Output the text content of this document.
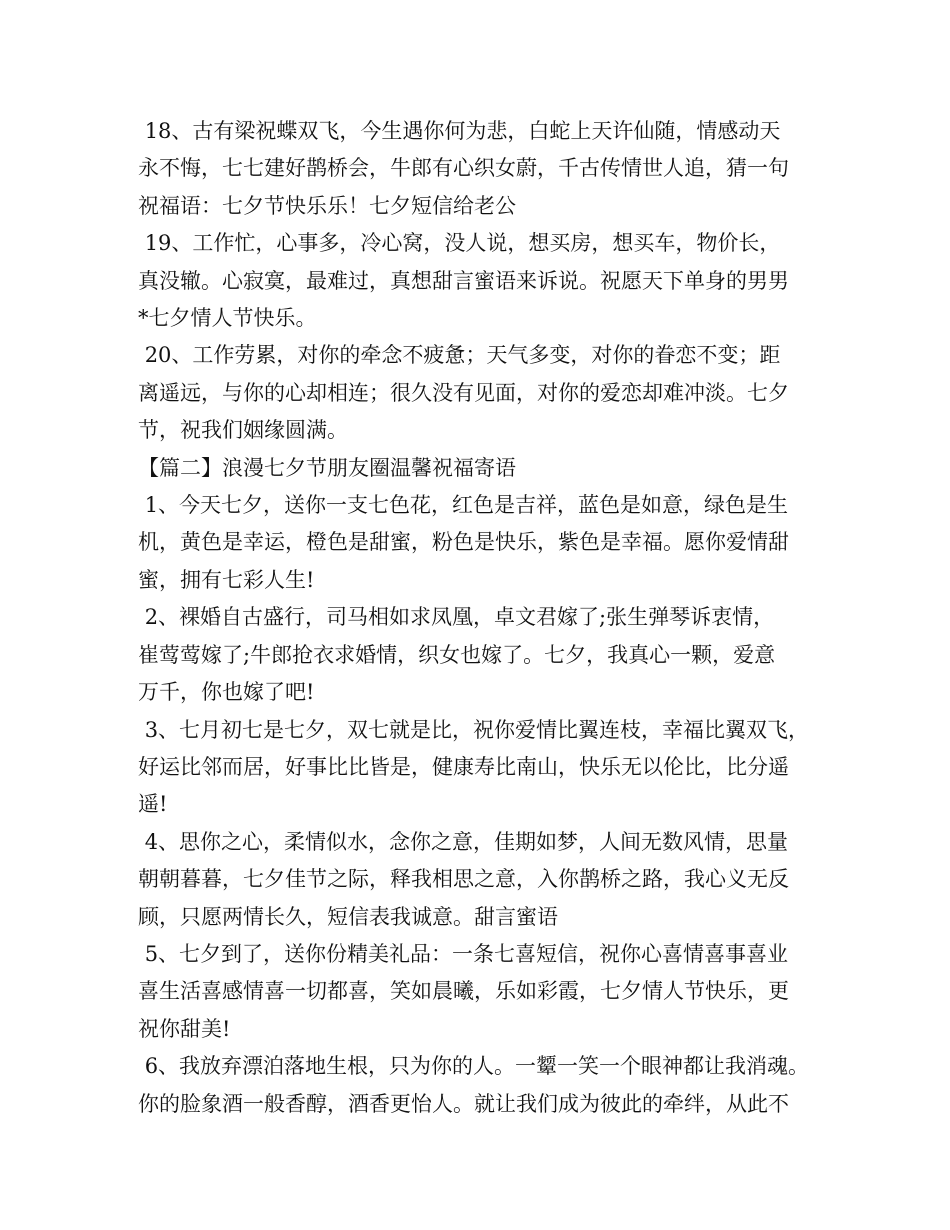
18、古有梁祝蝶双飞，今生遇你何为悲，白蛇上天许仙随，情感动天
永不悔，七七建好鹊桥会，牛郎有心织女蔚，千古传情世人追，猜一句
祝福语：七夕节快乐乐！七夕短信给老公
19、工作忙，心事多，冷心窝，没人说，想买房，想买车，物价长，
真没辙。心寂寞，最难过，真想甜言蜜语来诉说。祝愿天下单身的男男
*七夕情人节快乐。
20、工作劳累，对你的牵念不疲惫；天气多变，对你的眷恋不变；距
离遥远，与你的心却相连；很久没有见面，对你的爱恋却难冲淡。七夕
节，祝我们姻缘圆满。
【篇二】浪漫七夕节朋友圈温馨祝福寄语
1、今天七夕，送你一支七色花，红色是吉祥，蓝色是如意，绿色是生
机，黄色是幸运，橙色是甜蜜，粉色是快乐，紫色是幸福。愿你爱情甜
蜜，拥有七彩人生!
2、裸婚自古盛行，司马相如求凤凰，卓文君嫁了;张生弹琴诉衷情，
崔莺莺嫁了;牛郎抢衣求婚情，织女也嫁了。七夕，我真心一颗，爱意
万千，你也嫁了吧!
3、七月初七是七夕，双七就是比，祝你爱情比翼连枝，幸福比翼双飞，
好运比邻而居，好事比比皆是，健康寿比南山，快乐无以伦比，比分遥
遥!
4、思你之心，柔情似水，念你之意，佳期如梦，人间无数风情，思量
朝朝暮暮，七夕佳节之际，释我相思之意，入你鹊桥之路，我心义无反
顾，只愿两情长久，短信表我诚意。甜言蜜语
5、七夕到了，送你份精美礼品：一条七喜短信，祝你心喜情喜事喜业
喜生活喜感情喜一切都喜，笑如晨曦，乐如彩霞，七夕情人节快乐，更
祝你甜美!
6、我放弃漂泊落地生根，只为你的人。一颦一笑一个眼神都让我消魂。
你的脸象酒一般香醇，酒香更怡人。就让我们成为彼此的牵绊，从此不
